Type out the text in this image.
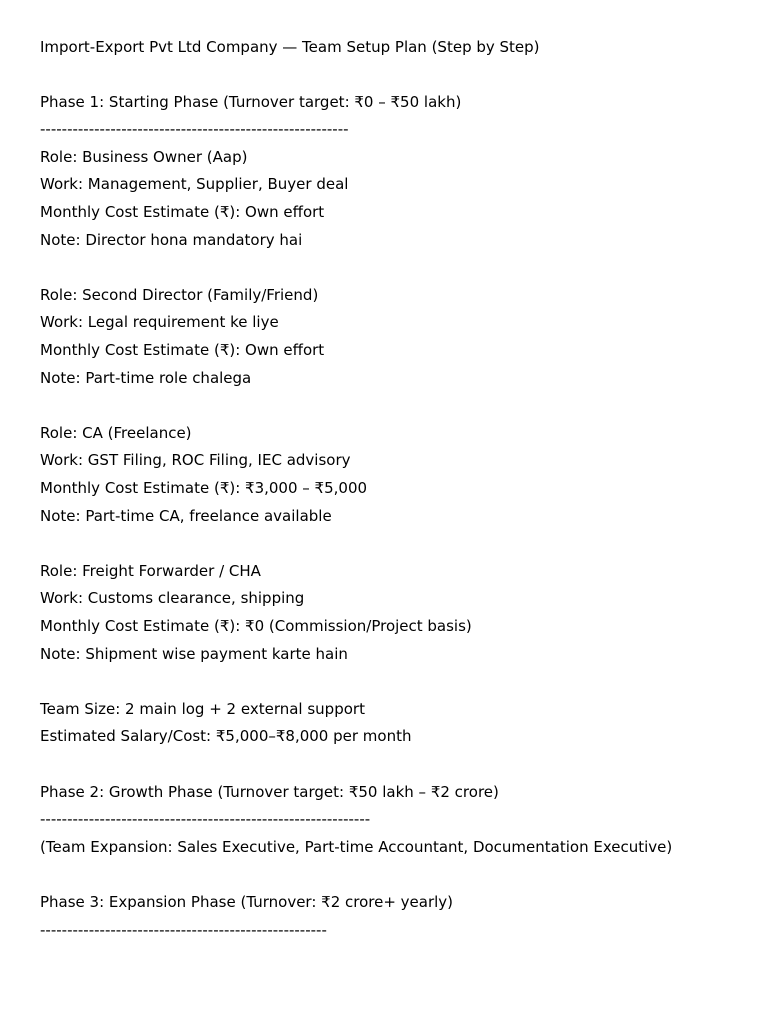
Import-Export Pvt Ltd Company — Team Setup Plan (Step by Step)
Phase 1: Starting Phase (Turnover target: ₹0 – ₹50 lakh)
---------------------------------------------------------
Role: Business Owner (Aap)
Work: Management, Supplier, Buyer deal
Monthly Cost Estimate (₹): Own effort
Note: Director hona mandatory hai
Role: Second Director (Family/Friend)
Work: Legal requirement ke liye
Monthly Cost Estimate (₹): Own effort
Note: Part-time role chalega
Role: CA (Freelance)
Work: GST Filing, ROC Filing, IEC advisory
Monthly Cost Estimate (₹): ₹3,000 – ₹5,000
Note: Part-time CA, freelance available
Role: Freight Forwarder / CHA
Work: Customs clearance, shipping
Monthly Cost Estimate (₹): ₹0 (Commission/Project basis)
Note: Shipment wise payment karte hain
Team Size: 2 main log + 2 external support
Estimated Salary/Cost: ₹5,000–₹8,000 per month
Phase 2: Growth Phase (Turnover target: ₹50 lakh – ₹2 crore)
-------------------------------------------------------------
(Team Expansion: Sales Executive, Part-time Accountant, Documentation Executive)
Phase 3: Expansion Phase (Turnover: ₹2 crore+ yearly)
-----------------------------------------------------
